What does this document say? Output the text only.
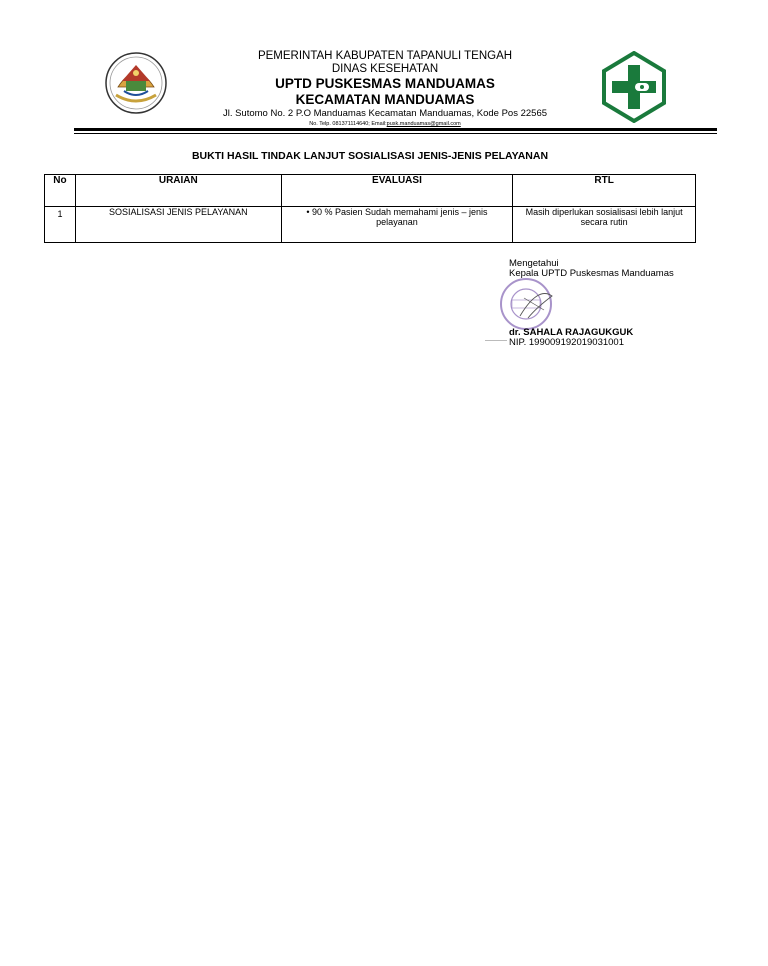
PEMERINTAH KABUPATEN TAPANULI TENGAH
DINAS KESEHATAN
UPTD PUSKESMAS MANDUAMAS
KECAMATAN MANDUAMAS
Jl. Sutomo No. 2 P.O Manduamas Kecamatan Manduamas, Kode Pos 22565
No. Telp. 081371114640; Email:pusk.manduamas@gmail.com
BUKTI HASIL TINDAK LANJUT SOSIALISASI JENIS-JENIS PELAYANAN
No	URAIAN	EVALUASI	RTL
1	SOSIALISASI JENIS PELAYANAN	• 90 % Pasien Sudah memahami jenis – jenis pelayanan	Masih diperlukan sosialisasi lebih lanjut secara rutin
Mengetahui
Kepala UPTD Puskesmas Manduamas
dr. SAHALA RAJAGUKGUK
NIP. 199009192019031001
